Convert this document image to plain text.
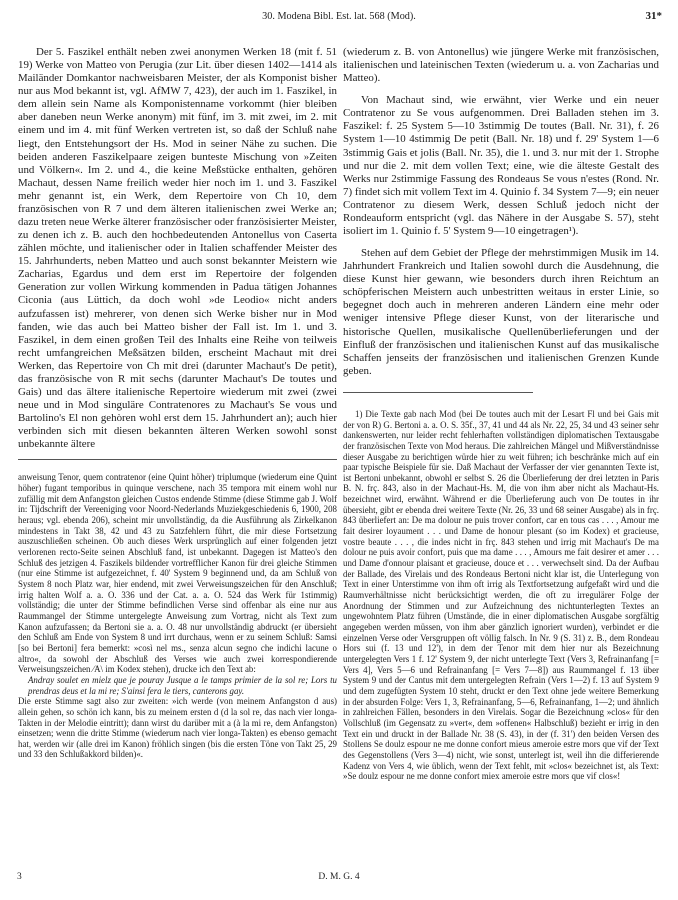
30. Modena Bibl. Est. lat. 568 (Mod).	31*

Der 5. Faszikel enthält neben zwei anonymen Werken 18 (mit f. 51 19) Werke von Matteo von Perugia (zur Lit. über diesen 1402—1414 als Mailänder Domkantor nachweisbaren Meister, der als Komponist bisher nur aus Mod bekannt ist, vgl. AfMW 7, 423), der auch im 1. Faszikel, in dem allein sein Name als Komponistenname vorkommt (hier bleiben aber daneben neun Werke anonym) mit fünf, im 3. mit zwei, im 2. mit einem und im 4. mit fünf Werken vertreten ist, so daß der Schluß nahe liegt, den Entstehungsort der Hs. Mod in seiner Nähe zu suchen. Die beiden anderen Faszikelpaare zeigen bunteste Mischung von »Zeiten und Völkern«. Im 2. und 4., die keine Meßstücke enthalten, gehören Machaut, dessen Name freilich weder hier noch im 1. und 3. Faszikel mehr genannt ist, ein Werk, dem Repertoire von Ch 10, dem französischen von R 7 und dem älteren italienischen zwei Werke an; dazu treten neue Werke älterer französischer oder französisierter Meister, zu denen ich z. B. auch den hochbedeutenden Antonellus von Caserta zählen möchte, und italienischer oder in Italien schaffender Meister des 15. Jahrhunderts, neben Matteo und auch sonst bekannter Meistern wie Zacharias, Egardus und dem erst im Repertoire der folgenden Generation zur vollen Wirkung kommenden in Padua tätigen Johannes Ciconia (aus Lüttich, da doch wohl »de Leodio« nicht anders aufzufassen ist) mehrerer, von denen sich Werke bisher nur in Mod fanden, wie das auch bei Matteo bisher der Fall ist. Im 1. und 3. Faszikel, in dem einen großen Teil des Inhalts eine Reihe von teilweis recht umfangreichen Meßsätzen bilden, erscheint Machaut mit drei Werken, das Repertoire von Ch mit drei (darunter Machaut's De petit), das französische von R mit sechs (darunter Machaut's De toutes und Gais) und das ältere italienische Repertoire wiederum mit zwei (zwei neue und in Mod singuläre Contratenores zu Machaut's Se vous und Bartolino's El non gehòren wohl erst dem 15. Jahrhundert an); auch hier verbinden sich mit diesen bekannten älteren Werken sowohl sonst unbekannte ältere

anweisung Tenor, quem contratenor (eine Quint höher) triplumque (wiederum eine Quint höher) fugant temporibus in quinque verschene, nach 35 tempora mit einem wohl nur zufällig mit dem Anfangston gleichen Custos endende Stimme (diese Stimme gab J. Wolf in: Tijdschrift der Vereeniging voor Noord-Nederlands Muziekgeschiedenis 6, 1900, 208 heraus; vgl. ebenda 206), scheint mir unvollständig, da die Ausführung als Zirkelkanon mindestens in Takt 38, 42 und 43 zu Satzfehlern führt, die mir diese Fortsetzung auszuschließen scheinen. Ob auch dieses Werk ursprünglich auf einer folgenden jetzt verlorenen recto-Seite seinen Abschluß fand, ist unbekannt. Dagegen ist Matteo's den Schluß des jetzigen 4. Faszikels bildender vortrefflicher Kanon für drei gleiche Stimmen (nur eine Stimme ist aufgezeichnet, f. 40' System 9 beginnend und, da am Schluß von System 8 noch Platz war, hier endend, mit zwei Verweisungszeichen für den Anschluß; irrig halten Wolf a. a. O. 336 und der Cat. a. a. O. 524 das Werk für 1stimmig) vollständig; die unter der Stimme befindlichen Verse sind offenbar als eine nur aus Raummangel der Stimme untergelegte Anweisung zum Vortrag, nicht als Text zum Kanon aufzufassen; da Bertoni sie a. a. O. 48 nur unvollständig abdruckt (er übersieht den Schluß am Ende von System 8 und irrt durchaus, wenn er zu seinem Schluß: Samsi [so bei Bertoni] fera bemerkt: »così nel ms., senza alcun segno che indichi lacune o altro«, da sowohl der Abschluß des Verses wie auch zwei korrespondierende Verweisungszeichen ⁄A\ im Kodex stehen), drucke ich den Text ab:

Andray soulet en mielz que je pouray Jusque a le tamps primier de la sol re; Lors tu prendras deus et la mi re; S'ainsi fera le tiers, canterons gay.

Die erste Stimme sagt also zur zweiten: »ich werde (von meinem Anfangston d aus) allein gehen, so schön ich kann, bis zu meinem ersten d (d la sol re, das nach vier longa-Takten in der Melodie eintritt); dann wirst du darüber mit a (à la mi re, dem Anfangston) einsetzen; wenn die dritte Stimme (wiederum nach vier longa-Takten) es ebenso gemacht hat, werden wir (alle drei im Kanon) fröhlich singen (bis die ersten Töne von Takt 25, 29 und 33 den Schlußakkord bilden)«.

(wiederum z. B. von Antonellus) wie jüngere Werke mit französischen, italienischen und lateinischen Texten (wiederum u. a. von Zacharias und Matteo).

Von Machaut sind, wie erwähnt, vier Werke und ein neuer Contratenor zu Se vous aufgenommen. Drei Balladen stehen im 3. Faszikel: f. 25 System 5—10 3stimmig De toutes (Ball. Nr. 31), f. 26 System 1—10 4stimmig De petit (Ball. Nr. 18) und f. 29' System 1—6 3stimmig Gais et jolis (Ball. Nr. 35), die 1. und 3. nur mit der 1. Strophe und nur die 2. mit dem vollen Text; eine, wie die älteste Gestalt des Werks nur 2stimmige Fassung des Rondeaus Se vous n'estes (Rond. Nr. 7) findet sich mit vollem Text im 4. Quinio f. 34 System 7—9; ein neuer Contratenor zu diesem Werk, dessen Schluß jedoch nicht der Rondeauform entspricht (vgl. das Nähere in der Ausgabe S. 57), steht isoliert im 1. Quinio f. 5' System 9—10 eingetragen¹).

Stehen auf dem Gebiet der Pflege der mehrstimmigen Musik im 14. Jahrhundert Frankreich und Italien sowohl durch die Ausdehnung, die diese Kunst hier gewann, wie besonders durch ihren Reichtum an schöpferischen Meistern auch unbestritten weitaus in erster Linie, so begegnet doch auch in mehreren anderen Ländern eine mehr oder weniger intensive Pflege dieser Kunst, von der literarische und historische Quellen, musikalische Quellenüberlieferungen und der Einfluß der französischen und italienischen Kunst auf das musikalische Schaffen jenseits der französischen und italienischen Grenzen Kunde geben.

1) Die Texte gab nach Mod (bei De toutes auch mit der Lesart Fl und bei Gais mit der von R) G. Bertoni a. a. O. S. 35f., 37, 41 und 44 als Nr. 22, 25, 34 und 43 seiner sehr dankenswerten, nur leider recht fehlerhaften vollständigen diplomatischen Textausgabe der französischen Texte von Mod heraus. Die zahlreichen Mängel und Mißverständnisse dieser Ausgabe zu berichtigen würde hier zu weit führen; ich beschränke mich auf ein paar typische Beispiele für sie. Daß Machaut der Verfasser der vier genannten Texte ist, ist Bertoni unbekannt, obwohl er selbst S. 26 die Überlieferung der drei letzten in Paris B. N. frç. 843, also in der Machaut-Hs. M, die von ihm aber nicht als Machaut-Hs. bezeichnet wird, erwähnt. Während er die Überlieferung auch von De toutes in ihr übersieht, gibt er ebenda drei weitere Texte (Nr. 26, 33 und 68 seiner Ausgabe) als in frç. 843 überliefert an: De ma dolour ne puis trover confort, car en tous cas . . . , Amour me fait desirer loyaument . . . und Dame de honour plesant (so im Kodex) et gracieuse, vostre beaute . . . , die indes nicht in frç. 843 stehen und irrig mit Machaut's De ma dolour ne puis avoir confort, puis que ma dame . . . , Amours me fait desirer et amer . . . und Dame d'onnour plaisant et gracieuse, douce et . . . verwechselt sind. Da der Aufbau der Ballade, des Virelais und des Rondeaus Bertoni nicht klar ist, die Unterlegung von Text in einer Unterstimme von ihm oft irrig als Textfortsetzung aufgefaßt wird und die Raumverhältnisse nicht berücksichtigt werden, die oft zu irregulärer Folge der Anordnung der Stimmen und zur Aufzeichnung des nichtunterlegten Textes an ungewohntem Platz führen (Umstände, die in einer diplomatischen Ausgabe sorgfältig angegeben werden müssen, von ihm aber gänzlich ignoriert wurden), verbindet er die einzelnen Verse oder Versgruppen oft völlig falsch. In Nr. 9 (S. 31) z. B., dem Rondeau Hors sui (f. 13 und 12'), in dem der Tenor mit dem hier nur als Bezeichnung untergelegten Vers 1 f. 12' System 9, der nicht unterlegte Text (Vers 3, Refrainanfang [= Vers 4], Vers 5—6 und Refrainanfang [= Vers 7—8]) aus Raummangel f. 13 über System 9 und der Cantus mit dem untergelegten Refrain (Vers 1—2) f. 13 auf System 9 und dem zugefügten System 10 steht, druckt er den Text ohne jede weitere Bemerkung in der absurden Folge: Vers 1, 3, Refrainanfang, 5—6, Refrainanfang, 1—2; und ähnlich in zahlreichen Fällen, besonders in den Virelais. Sogar die Bezeichnung »clos« für den Vollschluß (im Gegensatz zu »vert«, dem »offenen« Halbschluß) bezieht er irrig in den Text ein und druckt in der Ballade Nr. 38 (S. 43), in der (f. 31') den beiden Versen des Stollens Se doulz espour ne me donne confort mieus ameroie estre mors que vif der Text des Gegenstollens (Vers 3—4) nicht, wie sonst, unterlegt ist, weil ihn die differierende Kadenz von Vers 4, wie üblich, wenn der Text fehlt, mit »clos« bezeichnet ist, als Text: »Se doulz espour ne me donne confort miex ameroie estre mors que vif clos«!

3	D. M. G. 4
